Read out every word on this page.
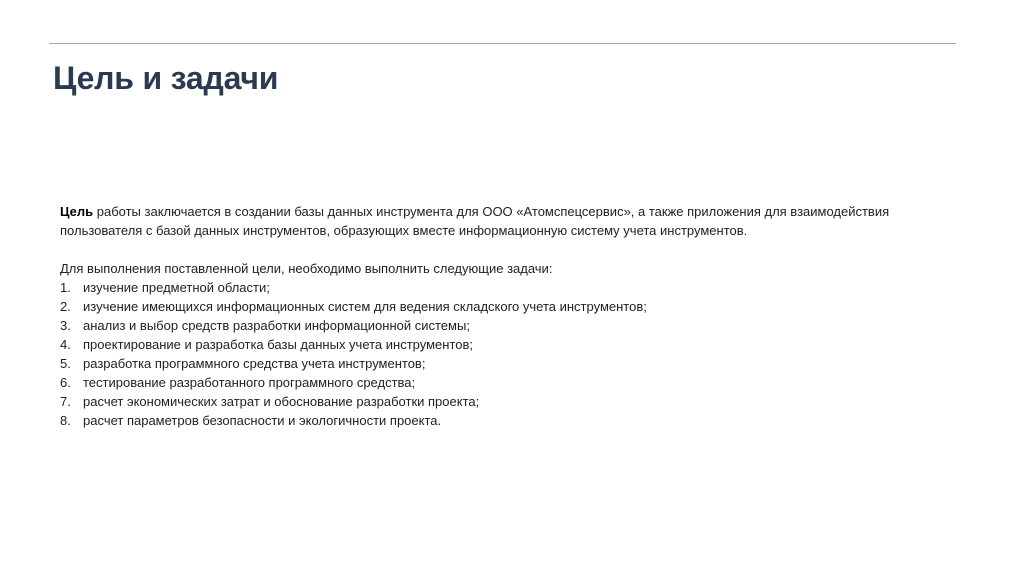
Цель и задачи

Цель работы заключается в создании базы данных инструмента для ООО «Атомспецсервис», а также приложения для взаимодействия пользователя с базой данных инструментов, образующих вместе информационную систему учета инструментов.

Для выполнения поставленной цели, необходимо выполнить следующие задачи:

1. изучение предметной области;
2. изучение имеющихся информационных систем для ведения складского учета инструментов;
3. анализ и выбор средств разработки информационной системы;
4. проектирование и разработка базы данных учета инструментов;
5. разработка программного средства учета инструментов;
6. тестирование разработанного программного средства;
7. расчет экономических затрат и обоснование разработки проекта;
8. расчет параметров безопасности и экологичности проекта.
